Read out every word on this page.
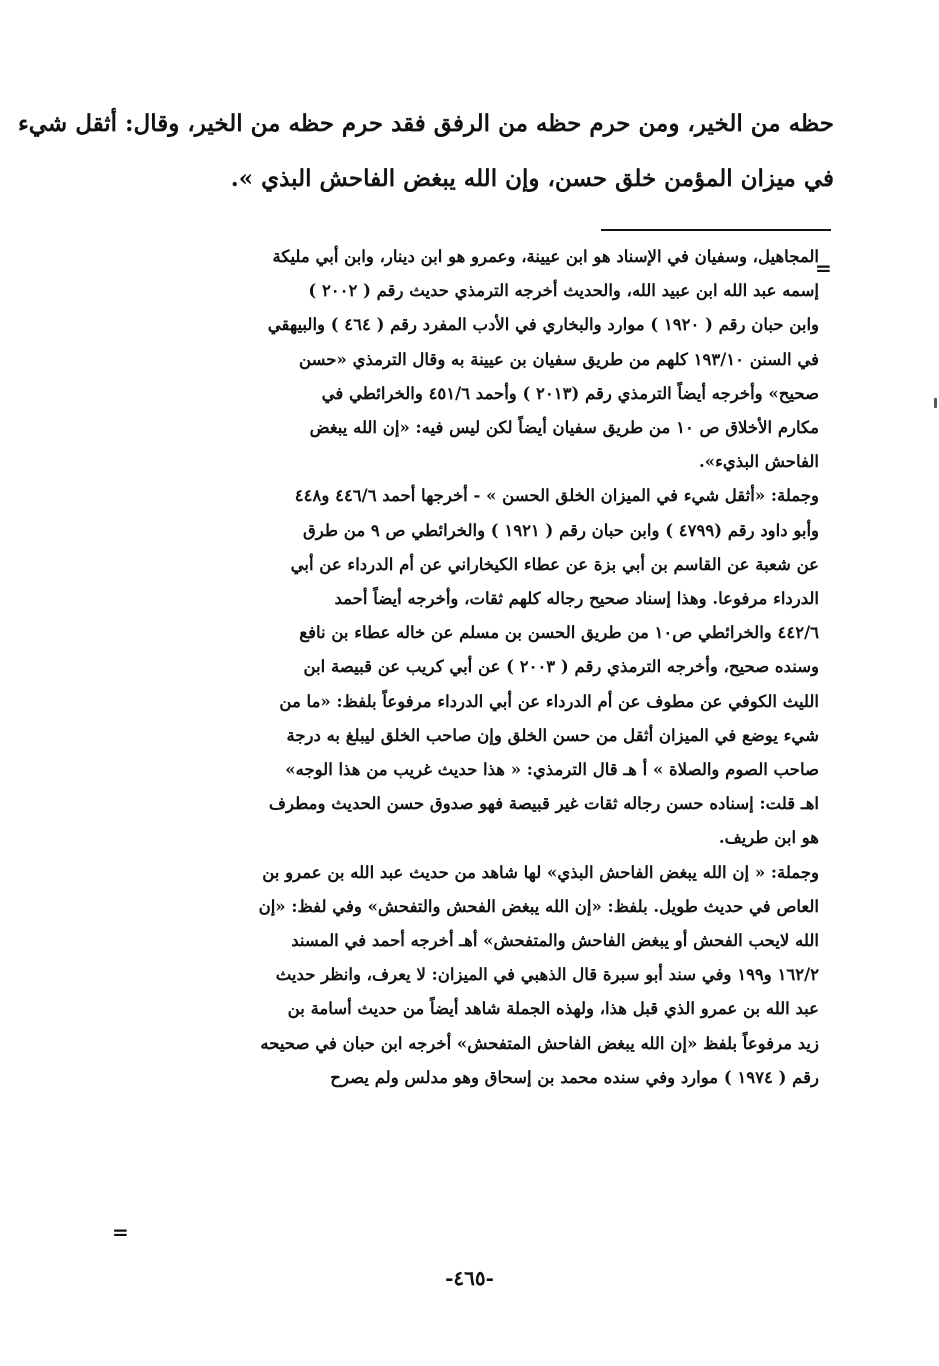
حظه من الخير، ومن حرم حظه من الرفق فقد حرم حظه من الخير، وقال: أثقل شيء
في ميزان المؤمن خلق حسن، وإن الله يبغض الفاحش البذي ».
=
المجاهيل، وسفيان في الإسناد هو ابن عيينة، وعمرو هو ابن دينار، وابن أبي مليكة
إسمه عبد الله ابن عبيد الله، والحديث أخرجه الترمذي حديث رقم ( ٢٠٠٢ )
وابن حبان رقم ( ١٩٢٠ ) موارد والبخاري في الأدب المفرد رقم ( ٤٦٤ ) والبيهقي
في السنن ١٩٣/١٠ كلهم من طريق سفيان بن عيينة به وقال الترمذي «حسن
صحيح» وأخرجه أيضاً الترمذي رقم (٢٠١٣ ) وأحمد ٤٥١/٦ والخرائطي في
مكارم الأخلاق ص ١٠ من طريق سفيان أيضاً لكن ليس فيه: «إن الله يبغض
الفاحش البذيء».
وجملة: «أثقل شيء في الميزان الخلق الحسن » - أخرجها أحمد ٤٤٦/٦ و٤٤٨
وأبو داود رقم (٤٧٩٩ ) وابن حبان رقم ( ١٩٢١ ) والخرائطي ص ٩ من طرق
عن شعبة عن القاسم بن أبي بزة عن عطاء الكيخاراني عن أم الدرداء عن أبي
الدرداء مرفوعا. وهذا إسناد صحيح رجاله كلهم ثقات، وأخرجه أيضاً أحمد
٤٤٢/٦ والخرائطي ص١٠ من طريق الحسن بن مسلم عن خاله عطاء بن نافع
وسنده صحيح، وأخرجه الترمذي رقم ( ٢٠٠٣ ) عن أبي كريب عن قبيصة ابن
الليث الكوفي عن مطوف عن أم الدرداء عن أبي الدرداء مرفوعاً بلفظ: «ما من
شيء يوضع في الميزان أثقل من حسن الخلق وإن صاحب الخلق ليبلغ به درجة
صاحب الصوم والصلاة » أ هـ قال الترمذي: « هذا حديث غريب من هذا الوجه»
اهـ قلت: إسناده حسن رجاله ثقات غير قبيصة فهو صدوق حسن الحديث ومطرف
هو ابن طريف.
وجملة: « إن الله يبغض الفاحش البذي» لها شاهد من حديث عبد الله بن عمرو بن
العاص في حديث طويل. بلفظ: «إن الله يبغض الفحش والتفحش» وفي لفظ: «إن
الله لايحب الفحش أو يبغض الفاحش والمتفحش» أهـ أخرجه أحمد في المسند
١٦٢/٢ و١٩٩ وفي سند أبو سبرة قال الذهبي في الميزان: لا يعرف، وانظر حديث
عبد الله بن عمرو الذي قبل هذا، ولهذه الجملة شاهد أيضاً من حديث أسامة بن
زيد مرفوعاً بلفظ «إن الله يبغض الفاحش المتفحش» أخرجه ابن حبان في صحيحه
رقم ( ١٩٧٤ ) موارد وفي سنده محمد بن إسحاق وهو مدلس ولم يصرح
=
-٤٦٥-
